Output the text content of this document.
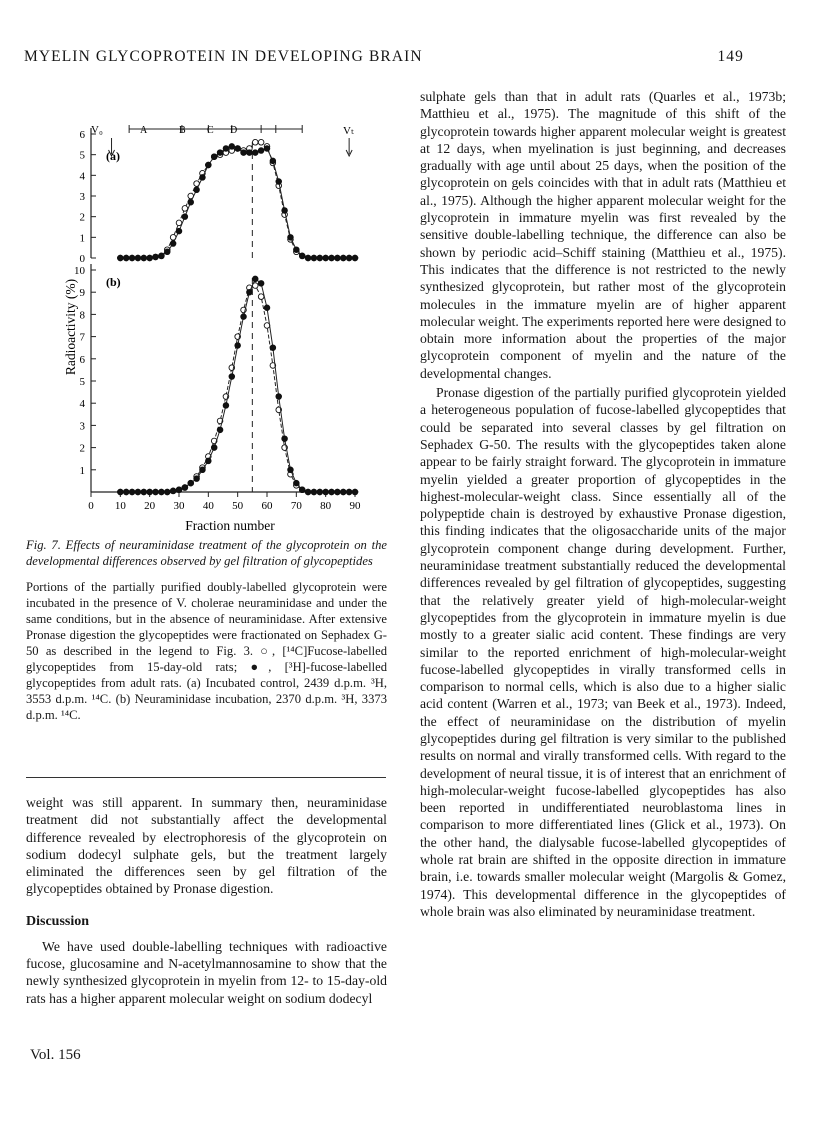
MYELIN GLYCOPROTEIN IN DEVELOPING BRAIN	149
0
1
2
3
4
5
6
0 10 20 30 40 50 60 70 80 90
1
2
3
4
5
6
7
8
9
10
(a)
(b)
V₀	Vₜ
A	B C D
Fraction number
Radioactivity (%)

Fig. 7. Effects of neuraminidase treatment of the glycoprotein on the developmental differences observed by gel filtration of glycopeptides

Portions of the partially purified doubly-labelled glycoprotein were incubated in the presence of V. cholerae neuraminidase and under the same conditions, but in the absence of neuraminidase. After extensive Pronase digestion the glycopeptides were fractionated on Sephadex G-50 as described in the legend to Fig. 3. ○, [¹⁴C]Fucose-labelled glycopeptides from 15-day-old rats; ●, [³H]-fucose-labelled glycopeptides from adult rats. (a) Incubated control, 2439 d.p.m. ³H, 3553 d.p.m. ¹⁴C. (b) Neuraminidase incubation, 2370 d.p.m. ³H, 3373 d.p.m. ¹⁴C.

weight was still apparent. In summary then, neuraminidase treatment did not substantially affect the developmental difference revealed by electrophoresis of the glycoprotein on sodium dodecyl sulphate gels, but the treatment largely eliminated the differences seen by gel filtration of the glycopeptides obtained by Pronase digestion.

Discussion

We have used double-labelling techniques with radioactive fucose, glucosamine and N-acetylmannosamine to show that the newly synthesized glycoprotein in myelin from 12- to 15-day-old rats has a higher apparent molecular weight on sodium dodecyl

sulphate gels than that in adult rats (Quarles et al., 1973b; Matthieu et al., 1975). The magnitude of this shift of the glycoprotein towards higher apparent molecular weight is greatest at 12 days, when myelination is just beginning, and decreases gradually with age until about 25 days, when the position of the glycoprotein on gels coincides with that in adult rats (Matthieu et al., 1975). Although the higher apparent molecular weight for the glycoprotein in immature myelin was first revealed by the sensitive double-labelling technique, the difference can also be shown by periodic acid–Schiff staining (Matthieu et al., 1975). This indicates that the difference is not restricted to the newly synthesized glycoprotein, but rather most of the glycoprotein molecules in the immature myelin are of higher apparent molecular weight. The experiments reported here were designed to obtain more information about the properties of the major glycoprotein component of myelin and the nature of the developmental changes.

Pronase digestion of the partially purified glycoprotein yielded a heterogeneous population of fucose-labelled glycopeptides that could be separated into several classes by gel filtration on Sephadex G-50. The results with the glycopeptides taken alone appear to be fairly straight forward. The glycoprotein in immature myelin yielded a greater proportion of glycopeptides in the highest-molecular-weight class. Since essentially all of the polypeptide chain is destroyed by exhaustive Pronase digestion, this finding indicates that the oligosaccharide units of the major glycoprotein component change during development. Further, neuraminidase treatment substantially reduced the developmental differences revealed by gel filtration of glycopeptides, suggesting that the relatively greater yield of high-molecular-weight glycopeptides from the glycoprotein in immature myelin is due mostly to a greater sialic acid content. These findings are very similar to the reported enrichment of high-molecular-weight fucose-labelled glycopeptides in virally transformed cells in comparison to normal cells, which is also due to a higher sialic acid content (Warren et al., 1973; van Beek et al., 1973). Indeed, the effect of neuraminidase on the distribution of myelin glycopeptides during gel filtration is very similar to the published results on normal and virally transformed cells. With regard to the development of neural tissue, it is of interest that an enrichment of high-molecular-weight fucose-labelled glycopeptides has also been reported in undifferentiated neuroblastoma lines in comparison to more differentiated lines (Glick et al., 1973). On the other hand, the dialysable fucose-labelled glycopeptides of whole rat brain are shifted in the opposite direction in immature brain, i.e. towards smaller molecular weight (Margolis & Gomez, 1974). This developmental difference in the glycopeptides of whole brain was also eliminated by neuraminidase treatment.

Vol. 156
